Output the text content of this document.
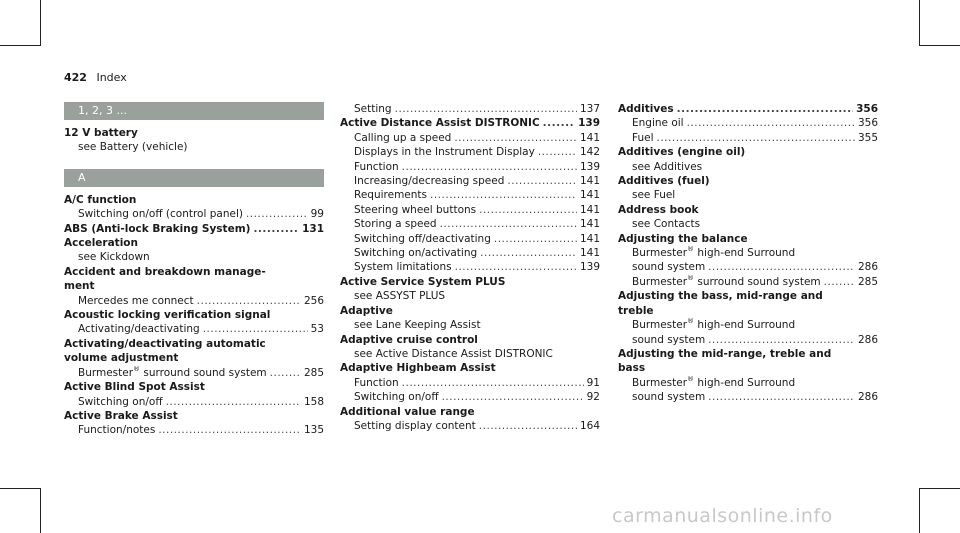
422 Index
1, 2, 3 ...
12 V battery
see Battery (vehicle)
A
A/C function
Switching on/off (control panel) .....	99
ABS (Anti-lock Braking System) .....	131
Acceleration
see Kickdown
Accident and breakdown manage-
ment
Mercedes me connect .....	256
Acoustic locking verification signal
Activating/deactivating .....	53
Activating/deactivating automatic
volume adjustment
Burmester® surround sound system .....	285
Active Blind Spot Assist
Switching on/off .....	158
Active Brake Assist
Function/notes .....	135
Setting .....	137
Active Distance Assist DISTRONIC .....	139
Calling up a speed .....	141
Displays in the Instrument Display .....	142
Function .....	139
Increasing/decreasing speed .....	141
Requirements .....	141
Steering wheel buttons .....	141
Storing a speed .....	141
Switching off/deactivating .....	141
Switching on/activating .....	141
System limitations .....	139
Active Service System PLUS
see ASSYST PLUS
Adaptive
see Lane Keeping Assist
Adaptive cruise control
see Active Distance Assist DISTRONIC
Adaptive Highbeam Assist
Function .....	91
Switching on/off .....	92
Additional value range
Setting display content .....	164
Additives .....	356
Engine oil .....	356
Fuel .....	355
Additives (engine oil)
see Additives
Additives (fuel)
see Fuel
Address book
see Contacts
Adjusting the balance
Burmester® high-end Surround
sound system .....	286
Burmester® surround sound system .....	285
Adjusting the bass, mid-range and
treble
Burmester® high-end Surround
sound system .....	286
Adjusting the mid-range, treble and
bass
Burmester® high-end Surround
sound system .....	286
carmanualsonline.info
